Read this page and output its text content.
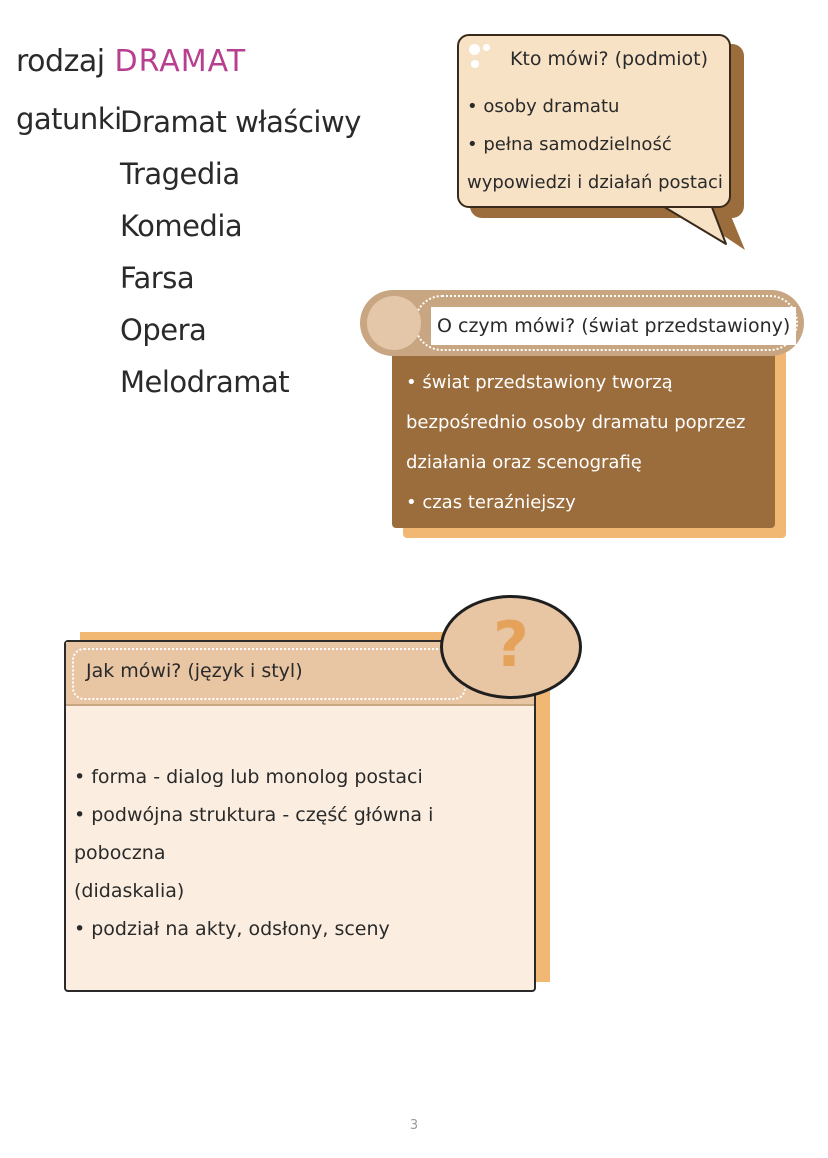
rodzaj DRAMAT
gatunki
Dramat właściwy
Tragedia
Komedia
Farsa
Opera
Melodramat
Kto mówi? (podmiot)
• osoby dramatu
• pełna samodzielność
wypowiedzi i działań postaci
O czym mówi? (świat przedstawiony)
• świat przedstawiony tworzą
bezpośrednio osoby dramatu poprzez
działania oraz scenografię
• czas teraźniejszy
Jak mówi? (język i styl)	?
• forma - dialog lub monolog postaci
• podwójna struktura - część główna i poboczna
(didaskalia)
• podział na akty, odsłony, sceny
3
